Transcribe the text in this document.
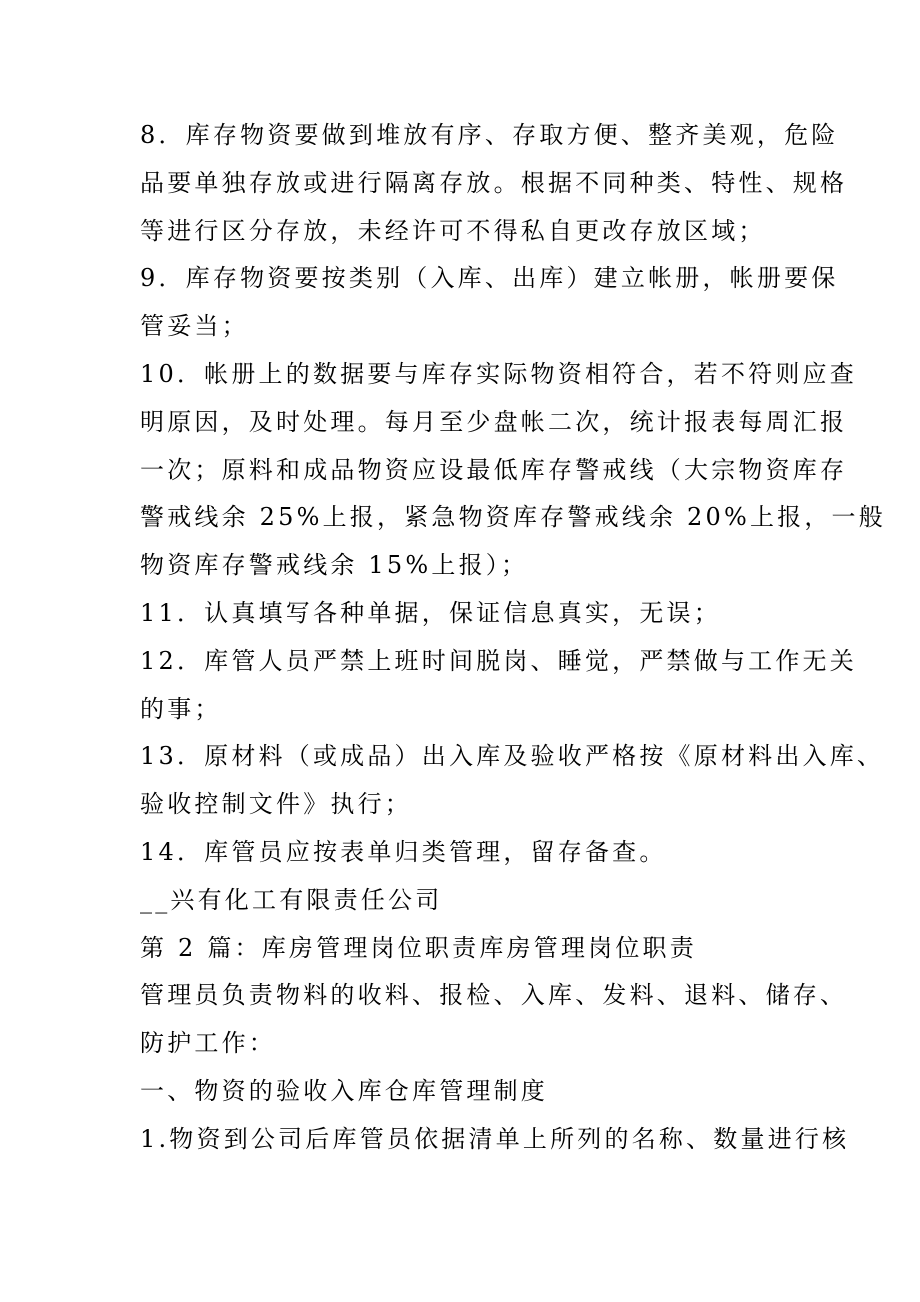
8．库存物资要做到堆放有序、存取方便、整齐美观，危险

品要单独存放或进行隔离存放。根据不同种类、特性、规格

等进行区分存放，未经许可不得私自更改存放区域；

9．库存物资要按类别（入库、出库）建立帐册，帐册要保

管妥当；

10．帐册上的数据要与库存实际物资相符合，若不符则应查

明原因，及时处理。每月至少盘帐二次，统计报表每周汇报

一次；原料和成品物资应设最低库存警戒线（大宗物资库存

警戒线余 25%上报，紧急物资库存警戒线余 20%上报，一般

物资库存警戒线余 15%上报）；

11．认真填写各种单据，保证信息真实，无误；

12．库管人员严禁上班时间脱岗、睡觉，严禁做与工作无关

的事；

13．原材料（或成品）出入库及验收严格按《原材料出入库、

验收控制文件》执行；

14．库管员应按表单归类管理，留存备查。

__兴有化工有限责任公司

第 2 篇：库房管理岗位职责库房管理岗位职责

管理员负责物料的收料、报检、入库、发料、退料、储存、

防护工作：

一、物资的验收入库仓库管理制度

1.物资到公司后库管员依据清单上所列的名称、数量进行核
